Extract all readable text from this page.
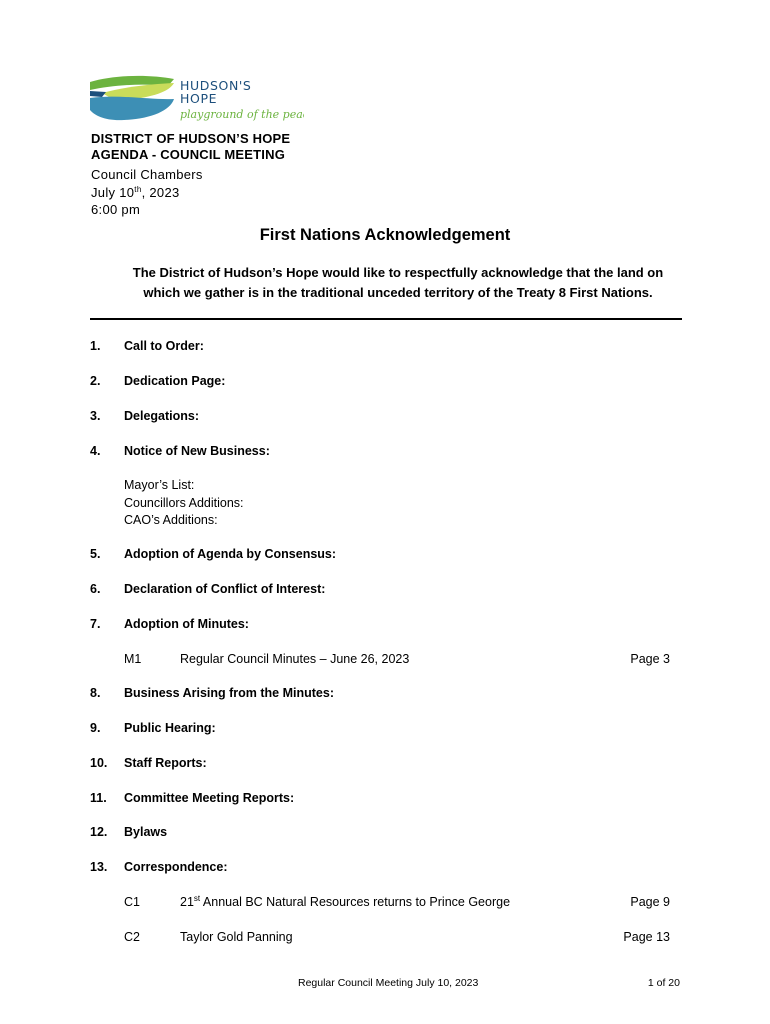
HUDSON'S
HOPE
playground of the peace
DISTRICT OF HUDSON’S HOPE
AGENDA - COUNCIL MEETING
Council Chambers
July 10th, 2023
6:00 pm
First Nations Acknowledgement
The District of Hudson’s Hope would like to respectfully acknowledge that the land on
which we gather is in the traditional unceded territory of the Treaty 8 First Nations.
1. Call to Order:
2. Dedication Page:
3. Delegations:
4. Notice of New Business:
Mayor’s List:
Councillors Additions:
CAO’s Additions:
5. Adoption of Agenda by Consensus:
6. Declaration of Conflict of Interest:
7. Adoption of Minutes:
M1	Regular Council Minutes – June 26, 2023	Page 3
8. Business Arising from the Minutes:
9. Public Hearing:
10. Staff Reports:
11. Committee Meeting Reports:
12. Bylaws
13. Correspondence:
C1	21st Annual BC Natural Resources returns to Prince George	Page 9
C2	Taylor Gold Panning	Page 13
Regular Council Meeting July 10, 2023	1 of 20
